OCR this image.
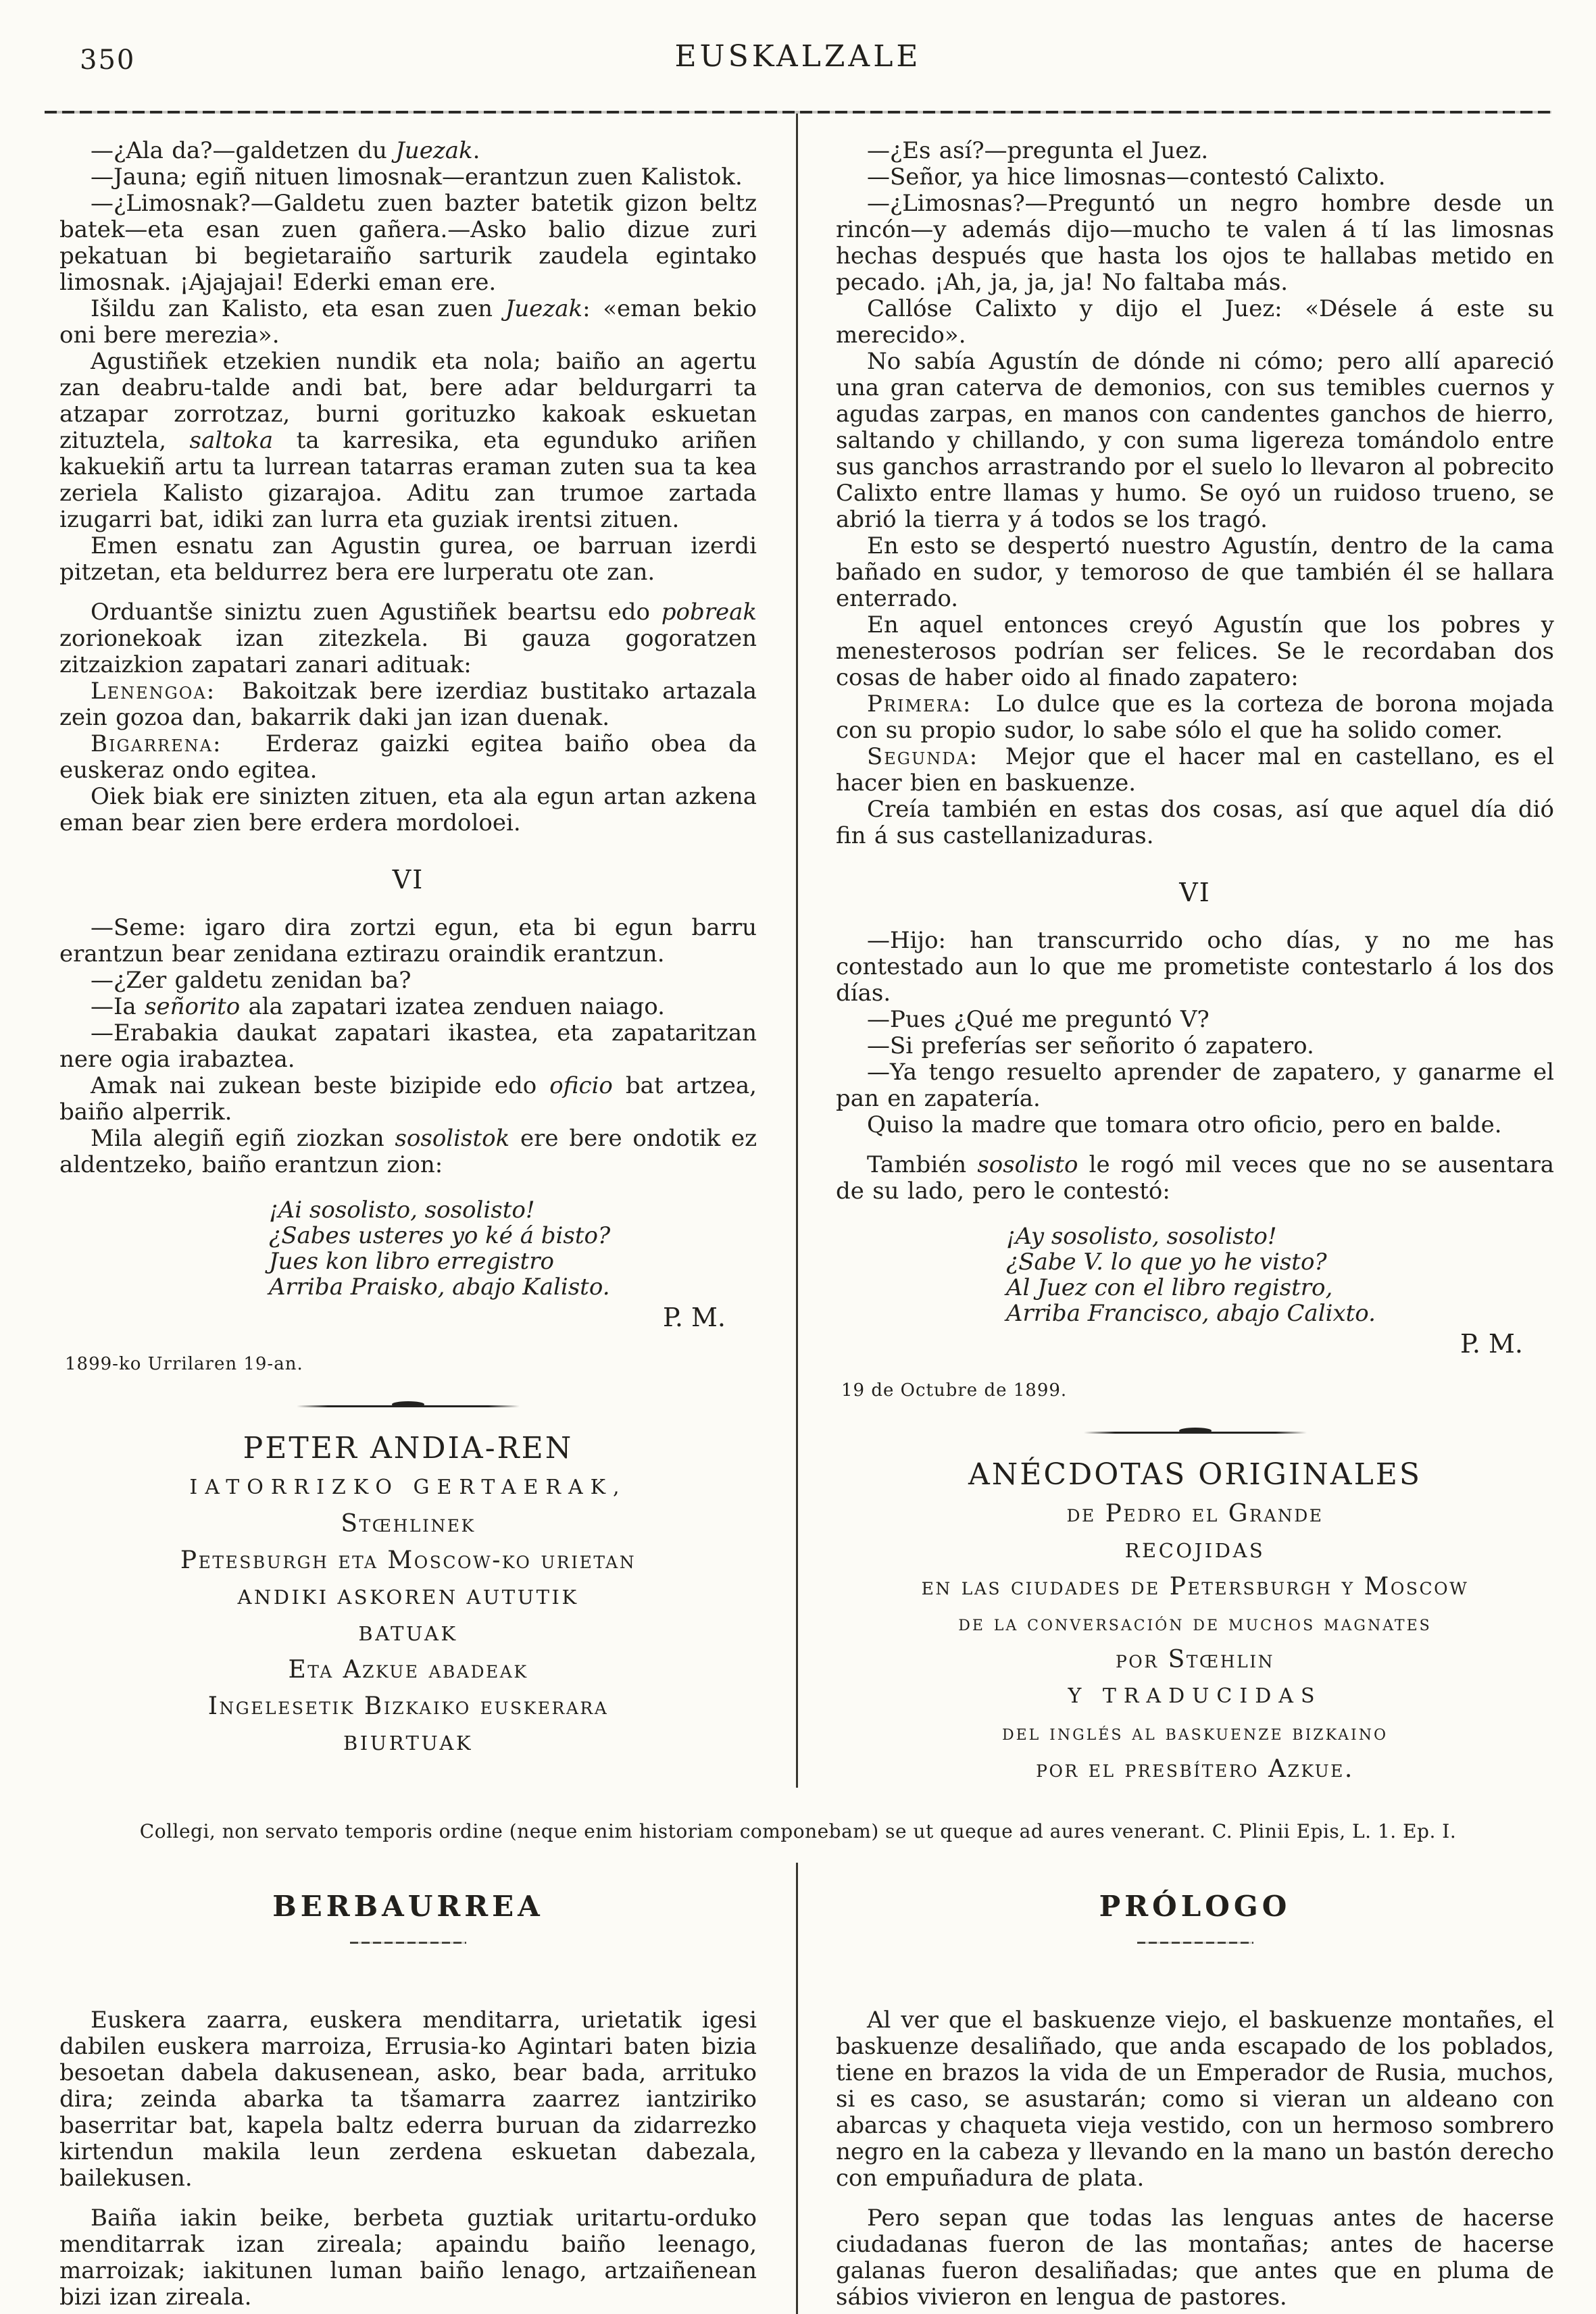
350	EUSKALZALE

—¿Ala da?—galdetzen du Juezak.

—Jauna; egiñ nituen limosnak—erantzun zuen Kalistok.

—¿Limosnak?—Galdetu zuen bazter batetik gizon beltz batek—eta esan zuen gañera.—Asko balio dizue zuri pekatuan bi begietaraiño sarturik zaudela egintako limosnak. ¡Ajajajai! Ederki eman ere.

Išildu zan Kalisto, eta esan zuen Juezak: «eman bekio oni bere merezia».

Agustiñek etzekien nundik eta nola; baiño an agertu zan deabru-talde andi bat, bere adar beldurgarri ta atzapar zorrotzaz, burni gorituzko kakoak eskuetan zituztela, saltoka ta karresika, eta egunduko ariñen kakuekiñ artu ta lurrean tatarras eraman zuten sua ta kea zeriela Kalisto gizarajoa. Aditu zan trumoe zartada izugarri bat, idiki zan lurra eta guziak irentsi zituen.

Emen esnatu zan Agustin gurea, oe barruan izerdi pitzetan, eta beldurrez bera ere lurperatu ote zan.

Orduantše siniztu zuen Agustiñek beartsu edo pobreak zorionekoak izan zitezkela. Bi gauza gogoratzen zitzaizkion zapatari zanari adituak:

Lenengoa:  Bakoitzak bere izerdiaz bustitako artazala zein gozoa dan, bakarrik daki jan izan duenak.

Bigarrena:  Erderaz gaizki egitea baiño obea da euskeraz ondo egitea.

Oiek biak ere sinizten zituen, eta ala egun artan azkena eman bear zien bere erdera mordoloei.

VI

—Seme: igaro dira zortzi egun, eta bi egun barru erantzun bear zenidana eztirazu oraindik erantzun.

—¿Zer galdetu zenidan ba?

—Ia señorito ala zapatari izatea zenduen naiago.

—Erabakia daukat zapatari ikastea, eta zapataritzan nere ogia irabaztea.

Amak nai zukean beste bizipide edo oficio bat artzea, baiño alperrik.

Mila alegiñ egiñ ziozkan sosolistok ere bere ondotik ez aldentzeko, baiño erantzun zion:

¡Ai sosolisto, sosolisto!
¿Sabes usteres yo ké á bisto?
Jues kon libro erregistro
Arriba Praisko, abajo Kalisto.
P. M.
1899-ko Urrilaren 19-an.
PETER ANDIA-REN
IATORRIZKO GERTAERAK,
Stœhlinek
Petesburgh eta Moscow-ko urietan
ANDIKI ASKOREN AUTUTIK
BATUAK
Eta Azkue abadeak
Ingelesetik Bizkaiko euskerara
BIURTUAK

—¿Es así?—pregunta el Juez.

—Señor, ya hice limosnas—contestó Calixto.

—¿Limosnas?—Preguntó un negro hombre desde un rincón—y además dijo—mucho te valen á tí las limosnas hechas después que hasta los ojos te hallabas metido en pecado. ¡Ah, ja, ja, ja! No faltaba más.

Callóse Calixto y dijo el Juez: «Désele á este su merecido».

No sabía Agustín de dónde ni cómo; pero allí apareció una gran caterva de demonios, con sus temibles cuernos y agudas zarpas, en manos con candentes ganchos de hierro, saltando y chillando, y con suma ligereza tomándolo entre sus ganchos arrastrando por el suelo lo llevaron al pobrecito Calixto entre llamas y humo. Se oyó un ruidoso trueno, se abrió la tierra y á todos se los tragó.

En esto se despertó nuestro Agustín, dentro de la cama bañado en sudor, y temoroso de que también él se hallara enterrado.

En aquel entonces creyó Agustín que los pobres y menesterosos podrían ser felices. Se le recordaban dos cosas de haber oido al finado zapatero:

Primera:  Lo dulce que es la corteza de borona mojada con su propio sudor, lo sabe sólo el que ha solido comer.

Segunda:  Mejor que el hacer mal en castellano, es el hacer bien en baskuenze.

Creía también en estas dos cosas, así que aquel día dió fin á sus castellanizaduras.

VI

—Hijo: han transcurrido ocho días, y no me has contestado aun lo que me prometiste contestarlo á los dos días.

—Pues ¿Qué me preguntó V?

—Si preferías ser señorito ó zapatero.

—Ya tengo resuelto aprender de zapatero, y ganarme el pan en zapatería.

Quiso la madre que tomara otro oficio, pero en balde.

También sosolisto le rogó mil veces que no se ausentara de su lado, pero le contestó:

¡Ay sosolisto, sosolisto!
¿Sabe V. lo que yo he visto?
Al Juez con el libro registro,
Arriba Francisco, abajo Calixto.
P. M.
19 de Octubre de 1899.
ANÉCDOTAS ORIGINALES
de Pedro el Grande
RECOJIDAS
en las ciudades de Petersburgh y Moscow
de la conversación de muchos magnates
por Stœhlin
Y TRADUCIDAS
del inglés al baskuenze bizkaino
por el presbítero Azkue.
Collegi, non servato temporis ordine (neque enim historiam componebam) se ut queque ad aures venerant. C. Plinii Epis, L. 1. Ep. I.
BERBAURREA

Euskera zaarra, euskera menditarra, urietatik igesi dabilen euskera marroiza, Errusia-ko Agintari baten bizia besoetan dabela dakusenean, asko, bear bada, arrituko dira; zeinda abarka ta tšamarra zaarrez iantziriko baserritar bat, kapela baltz ederra buruan da zidarrezko kirtendun makila leun zerdena eskuetan dabezala, bailekusen.

Baiña iakin beike, berbeta guztiak uritartu-orduko menditarrak izan zireala; apaindu baiño leenago, marroizak; iakitunen luman baiño lenago, artzaiñenean bizi izan zireala.

PRÓLOGO

Al ver que el baskuenze viejo, el baskuenze montañes, el baskuenze desaliñado, que anda escapado de los poblados, tiene en brazos la vida de un Emperador de Rusia, muchos, si es caso, se asustarán; como si vieran un aldeano con abarcas y chaqueta vieja vestido, con un hermoso sombrero negro en la cabeza y llevando en la mano un bastón derecho con empuñadura de plata.

Pero sepan que todas las lenguas antes de hacerse ciudadanas fueron de las montañas; antes de hacerse galanas fueron desaliñadas; que antes que en pluma de sábios vivieron en lengua de pastores.
